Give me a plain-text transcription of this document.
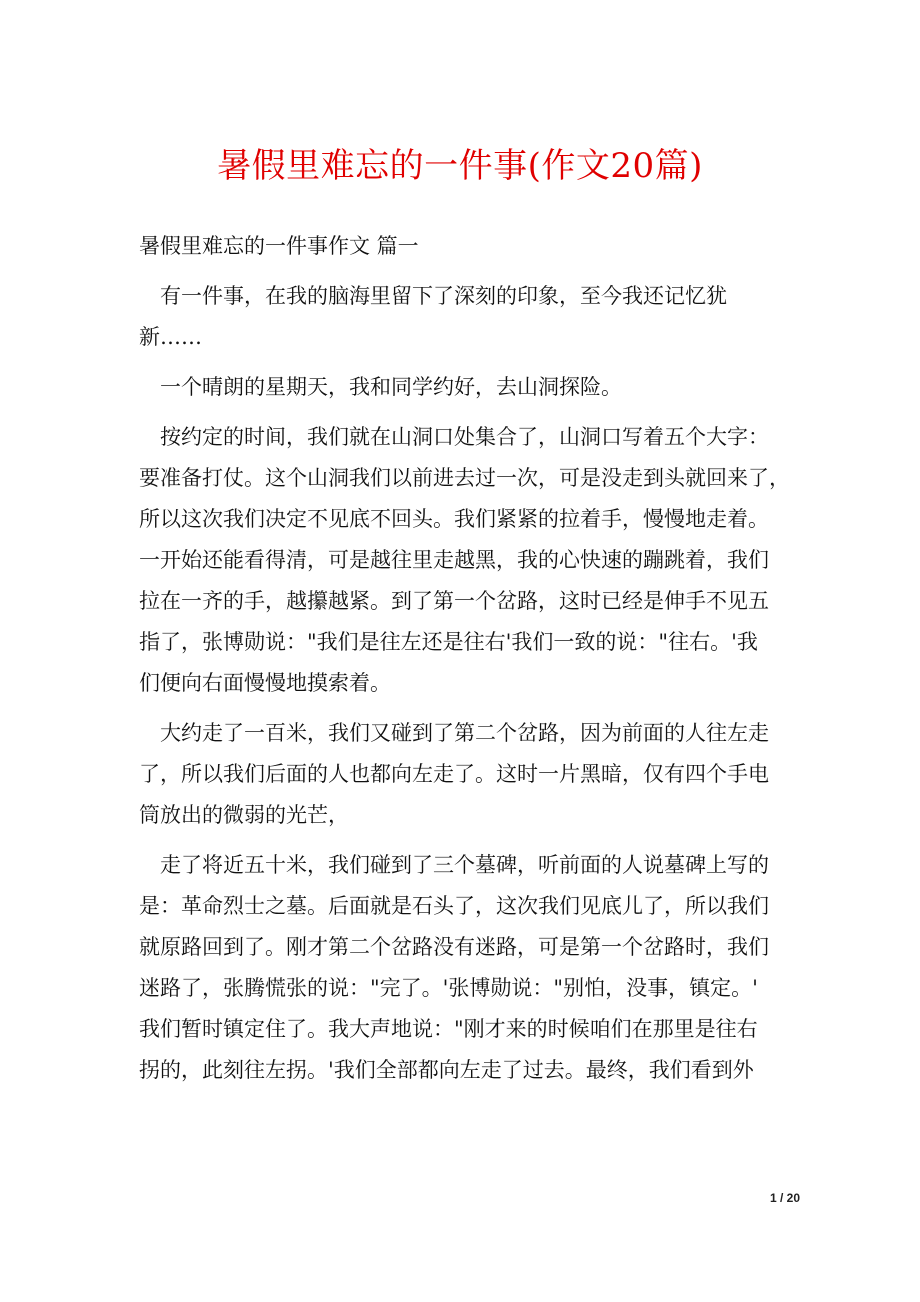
暑假里难忘的一件事(作文20篇)
暑假里难忘的一件事作文 篇一
　有一件事，在我的脑海里留下了深刻的印象，至今我还记忆犹
新……
　一个晴朗的星期天，我和同学约好，去山洞探险。
　按约定的时间，我们就在山洞口处集合了，山洞口写着五个大字：
要准备打仗。这个山洞我们以前进去过一次，可是没走到头就回来了，
所以这次我们决定不见底不回头。我们紧紧的拉着手，慢慢地走着。
一开始还能看得清，可是越往里走越黑，我的心快速的蹦跳着，我们
拉在一齐的手，越攥越紧。到了第一个岔路，这时已经是伸手不见五
指了，张博勋说："我们是往左还是往右'我们一致的说："往右。'我
们便向右面慢慢地摸索着。
　大约走了一百米，我们又碰到了第二个岔路，因为前面的人往左走
了，所以我们后面的人也都向左走了。这时一片黑暗，仅有四个手电
筒放出的微弱的光芒，
　走了将近五十米，我们碰到了三个墓碑，听前面的人说墓碑上写的
是：革命烈士之墓。后面就是石头了，这次我们见底儿了，所以我们
就原路回到了。刚才第二个岔路没有迷路，可是第一个岔路时，我们
迷路了，张腾慌张的说："完了。'张博勋说："别怕，没事，镇定。'
我们暂时镇定住了。我大声地说："刚才来的时候咱们在那里是往右
拐的，此刻往左拐。'我们全部都向左走了过去。最终，我们看到外
1 / 20
